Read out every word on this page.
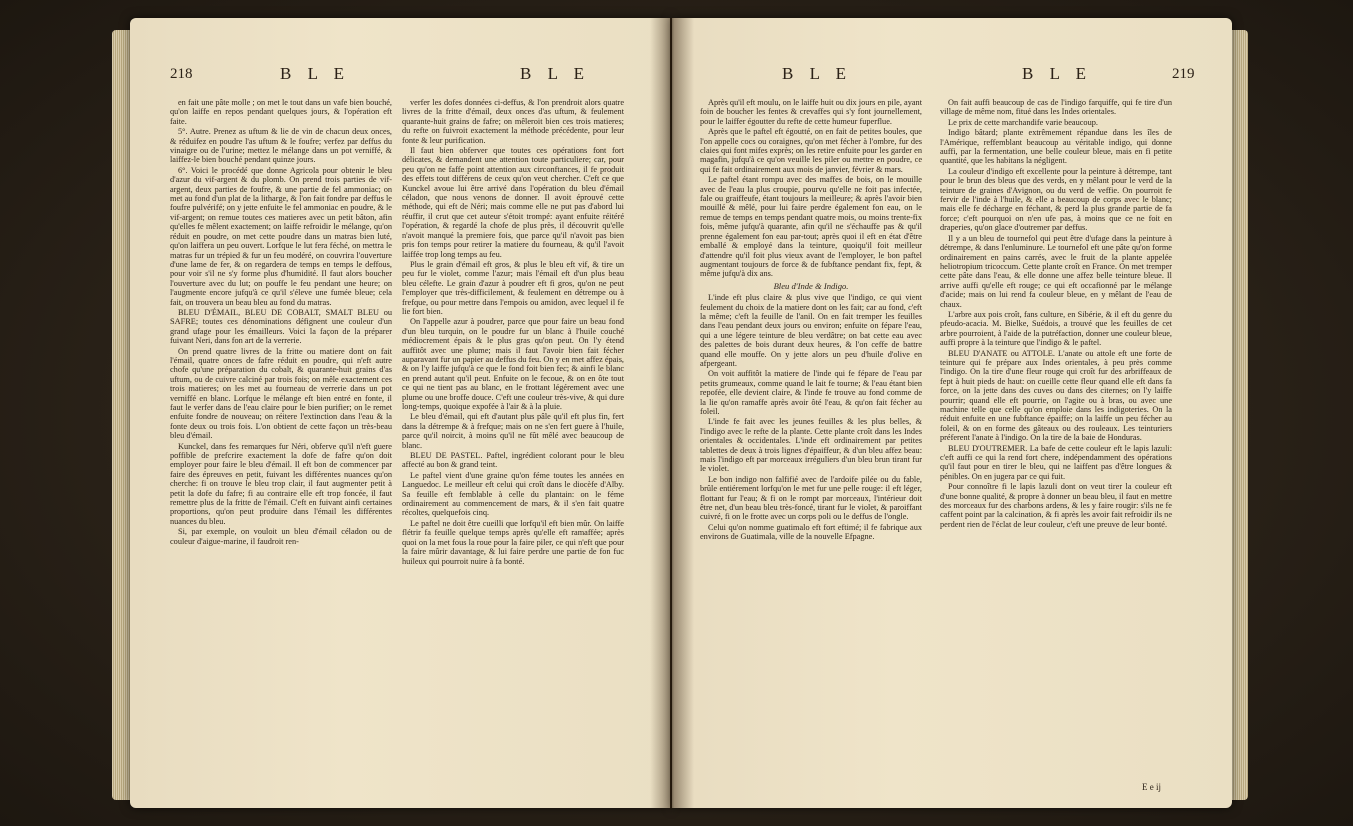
218	B L E	B L E

en fait une pâte molle ; on met le tout dans un vafe bien bouché, qu'on laiffe en repos pendant quelques jours, & l'opération eft faite.

5°. Autre. Prenez as uftum & lie de vin de chacun deux onces, & réduifez en poudre l'as uftum & le foufre; verfez par deffus du vinaigre ou de l'urine; mettez le mélange dans un pot verniffé, & laiffez-le bien bouché pendant quinze jours.

6°. Voici le procédé que donne Agricola pour obtenir le bleu d'azur du vif-argent & du plomb. On prend trois parties de vif-argent, deux parties de foufre, & une partie de fel ammoniac; on met au fond d'un plat de la litharge, & l'on fait fondre par deffus le foufre pulvérifé; on y jette enfuite le fel ammoniac en poudre, & le vif-argent; on remue toutes ces matieres avec un petit bâton, afin qu'elles fe mêlent exactement; on laiffe refroidir le mélange, qu'on réduit en poudre, on met cette poudre dans un matras bien luté, qu'on laiffera un peu ouvert. Lorfque le lut fera féché, on mettra le matras fur un trépied & fur un feu modéré, on couvrira l'ouverture d'une lame de fer, & on regardera de temps en temps le deffous, pour voir s'il ne s'y forme plus d'humidité. Il faut alors boucher l'ouverture avec du lut; on pouffe le feu pendant une heure; on l'augmente encore jufqu'à ce qu'il s'éleve une fumée bleue; cela fait, on trouvera un beau bleu au fond du matras.

BLEU D'ÉMAIL, BLEU DE COBALT, SMALT BLEU ou SAFRE; toutes ces dénominations défignent une couleur d'un grand ufage pour les émailleurs. Voici la façon de la préparer fuivant Neri, dans fon art de la verrerie.

On prend quatre livres de la fritte ou matiere dont on fait l'émail, quatre onces de fafre réduit en poudre, qui n'eft autre chofe qu'une préparation du cobalt, & quarante-huit grains d'as uftum, ou de cuivre calciné par trois fois; on mêle exactement ces trois matieres; on les met au fourneau de verrerie dans un pot verniffé en blanc. Lorfque le mélange eft bien entré en fonte, il faut le verfer dans de l'eau claire pour le bien purifier; on le remet enfuite fondre de nouveau; on réitere l'extinction dans l'eau & la fonte deux ou trois fois. L'on obtient de cette façon un très-beau bleu d'émail.

Kunckel, dans fes remarques fur Néri, obferve qu'il n'eft guere poffible de prefcrire exactement la dofe de fafre qu'on doit employer pour faire le bleu d'émail. Il eft bon de commencer par faire des épreuves en petit, fuivant les différentes nuances qu'on cherche: fi on trouve le bleu trop clair, il faut augmenter petit à petit la dofe du fafre; fi au contraire elle eft trop foncée, il faut remettre plus de la fritte de l'émail. C'eft en fuivant ainfi certaines proportions, qu'on peut produire dans l'émail les différentes nuances du bleu.

Si, par exemple, on vouloit un bleu d'émail céladon ou de couleur d'aigue-marine, il faudroit ren-

verfer les dofes données ci-deffus, & l'on prendroit alors quatre livres de la fritte d'émail, deux onces d'as uftum, & feulement quarante-huit grains de fafre; on mêleroit bien ces trois matieres; du refte on fuivroit exactement la méthode précédente, pour leur fonte & leur purification.

Il faut bien obferver que toutes ces opérations font fort délicates, & demandent une attention toute particuliere; car, pour peu qu'on ne faffe point attention aux circonftances, il fe produit des effets tout différens de ceux qu'on veut chercher. C'eft ce que Kunckel avoue lui être arrivé dans l'opération du bleu d'émail céladon, que nous venons de donner. Il avoit éprouvé cette méthode, qui eft de Néri; mais comme elle ne put pas d'abord lui réuffir, il crut que cet auteur s'étoit trompé: ayant enfuite réitéré l'opération, & regardé la chofe de plus près, il découvrit qu'elle n'avoit manqué la premiere fois, que parce qu'il n'avoit pas bien pris fon temps pour retirer la matiere du fourneau, & qu'il l'avoit laiffée trop long temps au feu.

Plus le grain d'émail eft gros, & plus le bleu eft vif, & tire un peu fur le violet, comme l'azur; mais l'émail eft d'un plus beau bleu célefte. Le grain d'azur à poudrer eft fi gros, qu'on ne peut l'employer que très-difficilement, & feulement en détrempe ou à frefque, ou pour mettre dans l'empois ou amidon, avec lequel il fe lie fort bien.

On l'appelle azur à poudrer, parce que pour faire un beau fond d'un bleu turquin, on le poudre fur un blanc à l'huile couché médiocrement épais & le plus gras qu'on peut. On l'y étend auffitôt avec une plume; mais il faut l'avoir bien fait fécher auparavant fur un papier au deffus du feu. On y en met affez épais, & on l'y laiffe jufqu'à ce que le fond foit bien fec; & ainfi le blanc en prend autant qu'il peut. Enfuite on le fecoue, & on en ôte tout ce qui ne tient pas au blanc, en le frottant légérement avec une plume ou une broffe douce. C'eft une couleur très-vive, & qui dure long-temps, quoique expofée à l'air & à la pluie.

Le bleu d'émail, qui eft d'autant plus pâle qu'il eft plus fin, fert dans la détrempe & à frefque; mais on ne s'en fert guere à l'huile, parce qu'il noircit, à moins qu'il ne fût mêlé avec beaucoup de blanc.

BLEU DE PASTEL. Paftel, ingrédient colorant pour le bleu affecté au bon & grand teint.

Le paftel vient d'une graine qu'on féme toutes les années en Languedoc. Le meilleur eft celui qui croît dans le diocèfe d'Alby. Sa feuille eft femblable à celle du plantain: on le féme ordinairement au commencement de mars, & il s'en fait quatre récoltes, quelquefois cinq.

Le paftel ne doit être cueilli que lorfqu'il eft bien mûr. On laiffe flétrir fa feuille quelque temps après qu'elle eft ramaffée; après quoi on la met fous la roue pour la faire piler, ce qui n'eft que pour la faire mûrir davantage, & lui faire perdre une partie de fon fuc huileux qui pourroit nuire à fa bonté.

B L E	B L E	219

Après qu'il eft moulu, on le laiffe huit ou dix jours en pile, ayant foin de boucher les fentes & crevaffes qui s'y font journellement, pour le laiffer égoutter du refte de cette humeur fuperflue.

Après que le paftel eft égoutté, on en fait de petites boules, que l'on appelle cocs ou coraignes, qu'on met fécher à l'ombre, fur des claies qui font mifes exprès; on les retire enfuite pour les garder en magafin, jufqu'à ce qu'on veuille les piler ou mettre en poudre, ce qui fe fait ordinairement aux mois de janvier, février & mars.

Le paftel étant rompu avec des maffes de bois, on le mouille avec de l'eau la plus croupie, pourvu qu'elle ne foit pas infectée, fale ou graiffeufe, étant toujours la meilleure; & après l'avoir bien mouillé & mêlé, pour lui faire perdre également fon eau, on le remue de temps en temps pendant quatre mois, ou moins trente-fix fois, même jufqu'à quarante, afin qu'il ne s'échauffe pas & qu'il prenne également fon eau par-tout; après quoi il eft en état d'être emballé & employé dans la teinture, quoiqu'il foit meilleur d'attendre qu'il foit plus vieux avant de l'employer, le bon paftel augmentant toujours de force & de fubftance pendant fix, fept, & même jufqu'à dix ans.

Bleu d'Inde & Indigo.

L'inde eft plus claire & plus vive que l'indigo, ce qui vient feulement du choix de la matiere dont on les fait; car au fond, c'eft la même; c'eft la feuille de l'anil. On en fait tremper les feuilles dans l'eau pendant deux jours ou environ; enfuite on fépare l'eau, qui a une légere teinture de bleu verdâtre; on bat cette eau avec des palettes de bois durant deux heures, & l'on ceffe de battre quand elle mouffe. On y jette alors un peu d'huile d'olive en afpergeant.

On voit auffitôt la matiere de l'inde qui fe fépare de l'eau par petits grumeaux, comme quand le lait fe tourne; & l'eau étant bien repofée, elle devient claire, & l'inde fe trouve au fond comme de la lie qu'on ramaffe après avoir ôté l'eau, & qu'on fait fécher au foleil.

L'inde fe fait avec les jeunes feuilles & les plus belles, & l'indigo avec le refte de la plante. Cette plante croît dans les Indes orientales & occidentales. L'inde eft ordinairement par petites tablettes de deux à trois lignes d'épaiffeur, & d'un bleu affez beau: mais l'indigo eft par morceaux irréguliers d'un bleu brun tirant fur le violet.

Le bon indigo non falfifié avec de l'ardoife pilée ou du fable, brûle entiérement lorfqu'on le met fur une pelle rouge: il eft léger, flottant fur l'eau; & fi on le rompt par morceaux, l'intérieur doit être net, d'un beau bleu très-foncé, tirant fur le violet, & paroiffant cuivré, fi on le frotte avec un corps poli ou le deffus de l'ongle.

Celui qu'on nomme guatimalo eft fort eftimé; il fe fabrique aux environs de Guatimala, ville de la nouvelle Efpagne.

On fait auffi beaucoup de cas de l'indigo farquiffe, qui fe tire d'un village de même nom, fitué dans les Indes orientales.

Le prix de cette marchandife varie beaucoup.

Indigo bâtard; plante extrêmement répandue dans les îles de l'Amérique, reffemblant beaucoup au véritable indigo, qui donne auffi, par la fermentation, une belle couleur bleue, mais en fi petite quantité, que les habitans la négligent.

La couleur d'indigo eft excellente pour la peinture à détrempe, tant pour le brun des bleus que des verds, en y mêlant pour le verd de la teinture de graines d'Avignon, ou du verd de veffie. On pourroit fe fervir de l'inde à l'huile, & elle a beaucoup de corps avec le blanc; mais elle fe décharge en féchant, & perd la plus grande partie de fa force; c'eft pourquoi on n'en ufe pas, à moins que ce ne foit en draperies, qu'on glace d'outremer par deffus.

Il y a un bleu de tournefol qui peut être d'ufage dans la peinture à détrempe, & dans l'enluminure. Le tournefol eft une pâte qu'on forme ordinairement en pains carrés, avec le fruit de la plante appelée heliotropium tricoccum. Cette plante croît en France. On met tremper cette pâte dans l'eau, & elle donne une affez belle teinture bleue. Il arrive auffi qu'elle eft rouge; ce qui eft occafionné par le mélange d'acide; mais on lui rend fa couleur bleue, en y mêlant de l'eau de chaux.

L'arbre aux pois croît, fans culture, en Sibérie, & il eft du genre du pfeudo-acacia. M. Bielke, Suédois, a trouvé que les feuilles de cet arbre pourroient, à l'aide de la putréfaction, donner une couleur bleue, auffi propre à la teinture que l'indigo & le paftel.

BLEU D'ANATE ou ATTOLE. L'anate ou attole eft une forte de teinture qui fe prépare aux Indes orientales, à peu près comme l'indigo. On la tire d'une fleur rouge qui croît fur des arbriffeaux de fept à huit pieds de haut: on cueille cette fleur quand elle eft dans fa force, on la jette dans des cuves ou dans des citernes; on l'y laiffe pourrir; quand elle eft pourrie, on l'agite ou à bras, ou avec une machine telle que celle qu'on emploie dans les indigoteries. On la réduit enfuite en une fubftance épaiffe; on la laiffe un peu fécher au foleil, & on en forme des gâteaux ou des rouleaux. Les teinturiers préferent l'anate à l'indigo. On la tire de la baie de Honduras.

BLEU D'OUTREMER. La bafe de cette couleur eft le lapis lazuli: c'eft auffi ce qui la rend fort chere, indépendamment des opérations qu'il faut pour en tirer le bleu, qui ne laiffent pas d'être longues & pénibles. On en jugera par ce qui fuit.

Pour connoître fi le lapis lazuli dont on veut tirer la couleur eft d'une bonne qualité, & propre à donner un beau bleu, il faut en mettre des morceaux fur des charbons ardens, & les y faire rougir: s'ils ne fe caffent point par la calcination, & fi après les avoir fait refroidir ils ne perdent rien de l'éclat de leur couleur, c'eft une preuve de leur bonté.

E e ij
